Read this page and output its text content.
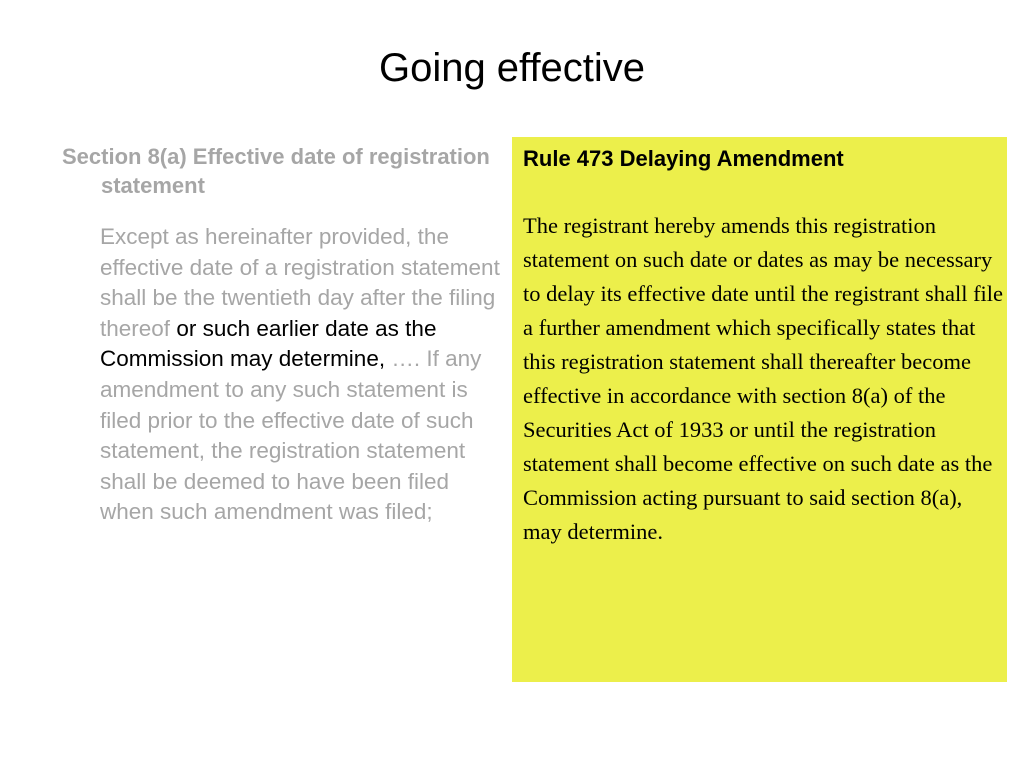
Going effective

Section 8(a) Effective date of registration statement

Except as hereinafter provided, the effective date of a registration statement shall be the twentieth day after the filing thereof or such earlier date as the Commission may determine, …. If any amendment to any such statement is filed prior to the effective date of such statement, the registration statement shall be deemed to have been filed when such amendment was filed;

Rule 473 Delaying Amendment

The registrant hereby amends this registration statement on such date or dates as may be necessary to delay its effective date until the registrant shall file a further amendment which specifically states that this registration statement shall thereafter become effective in accordance with section 8(a) of the Securities Act of 1933 or until the registration statement shall become effective on such date as the Commission acting pursuant to said section 8(a), may determine.
